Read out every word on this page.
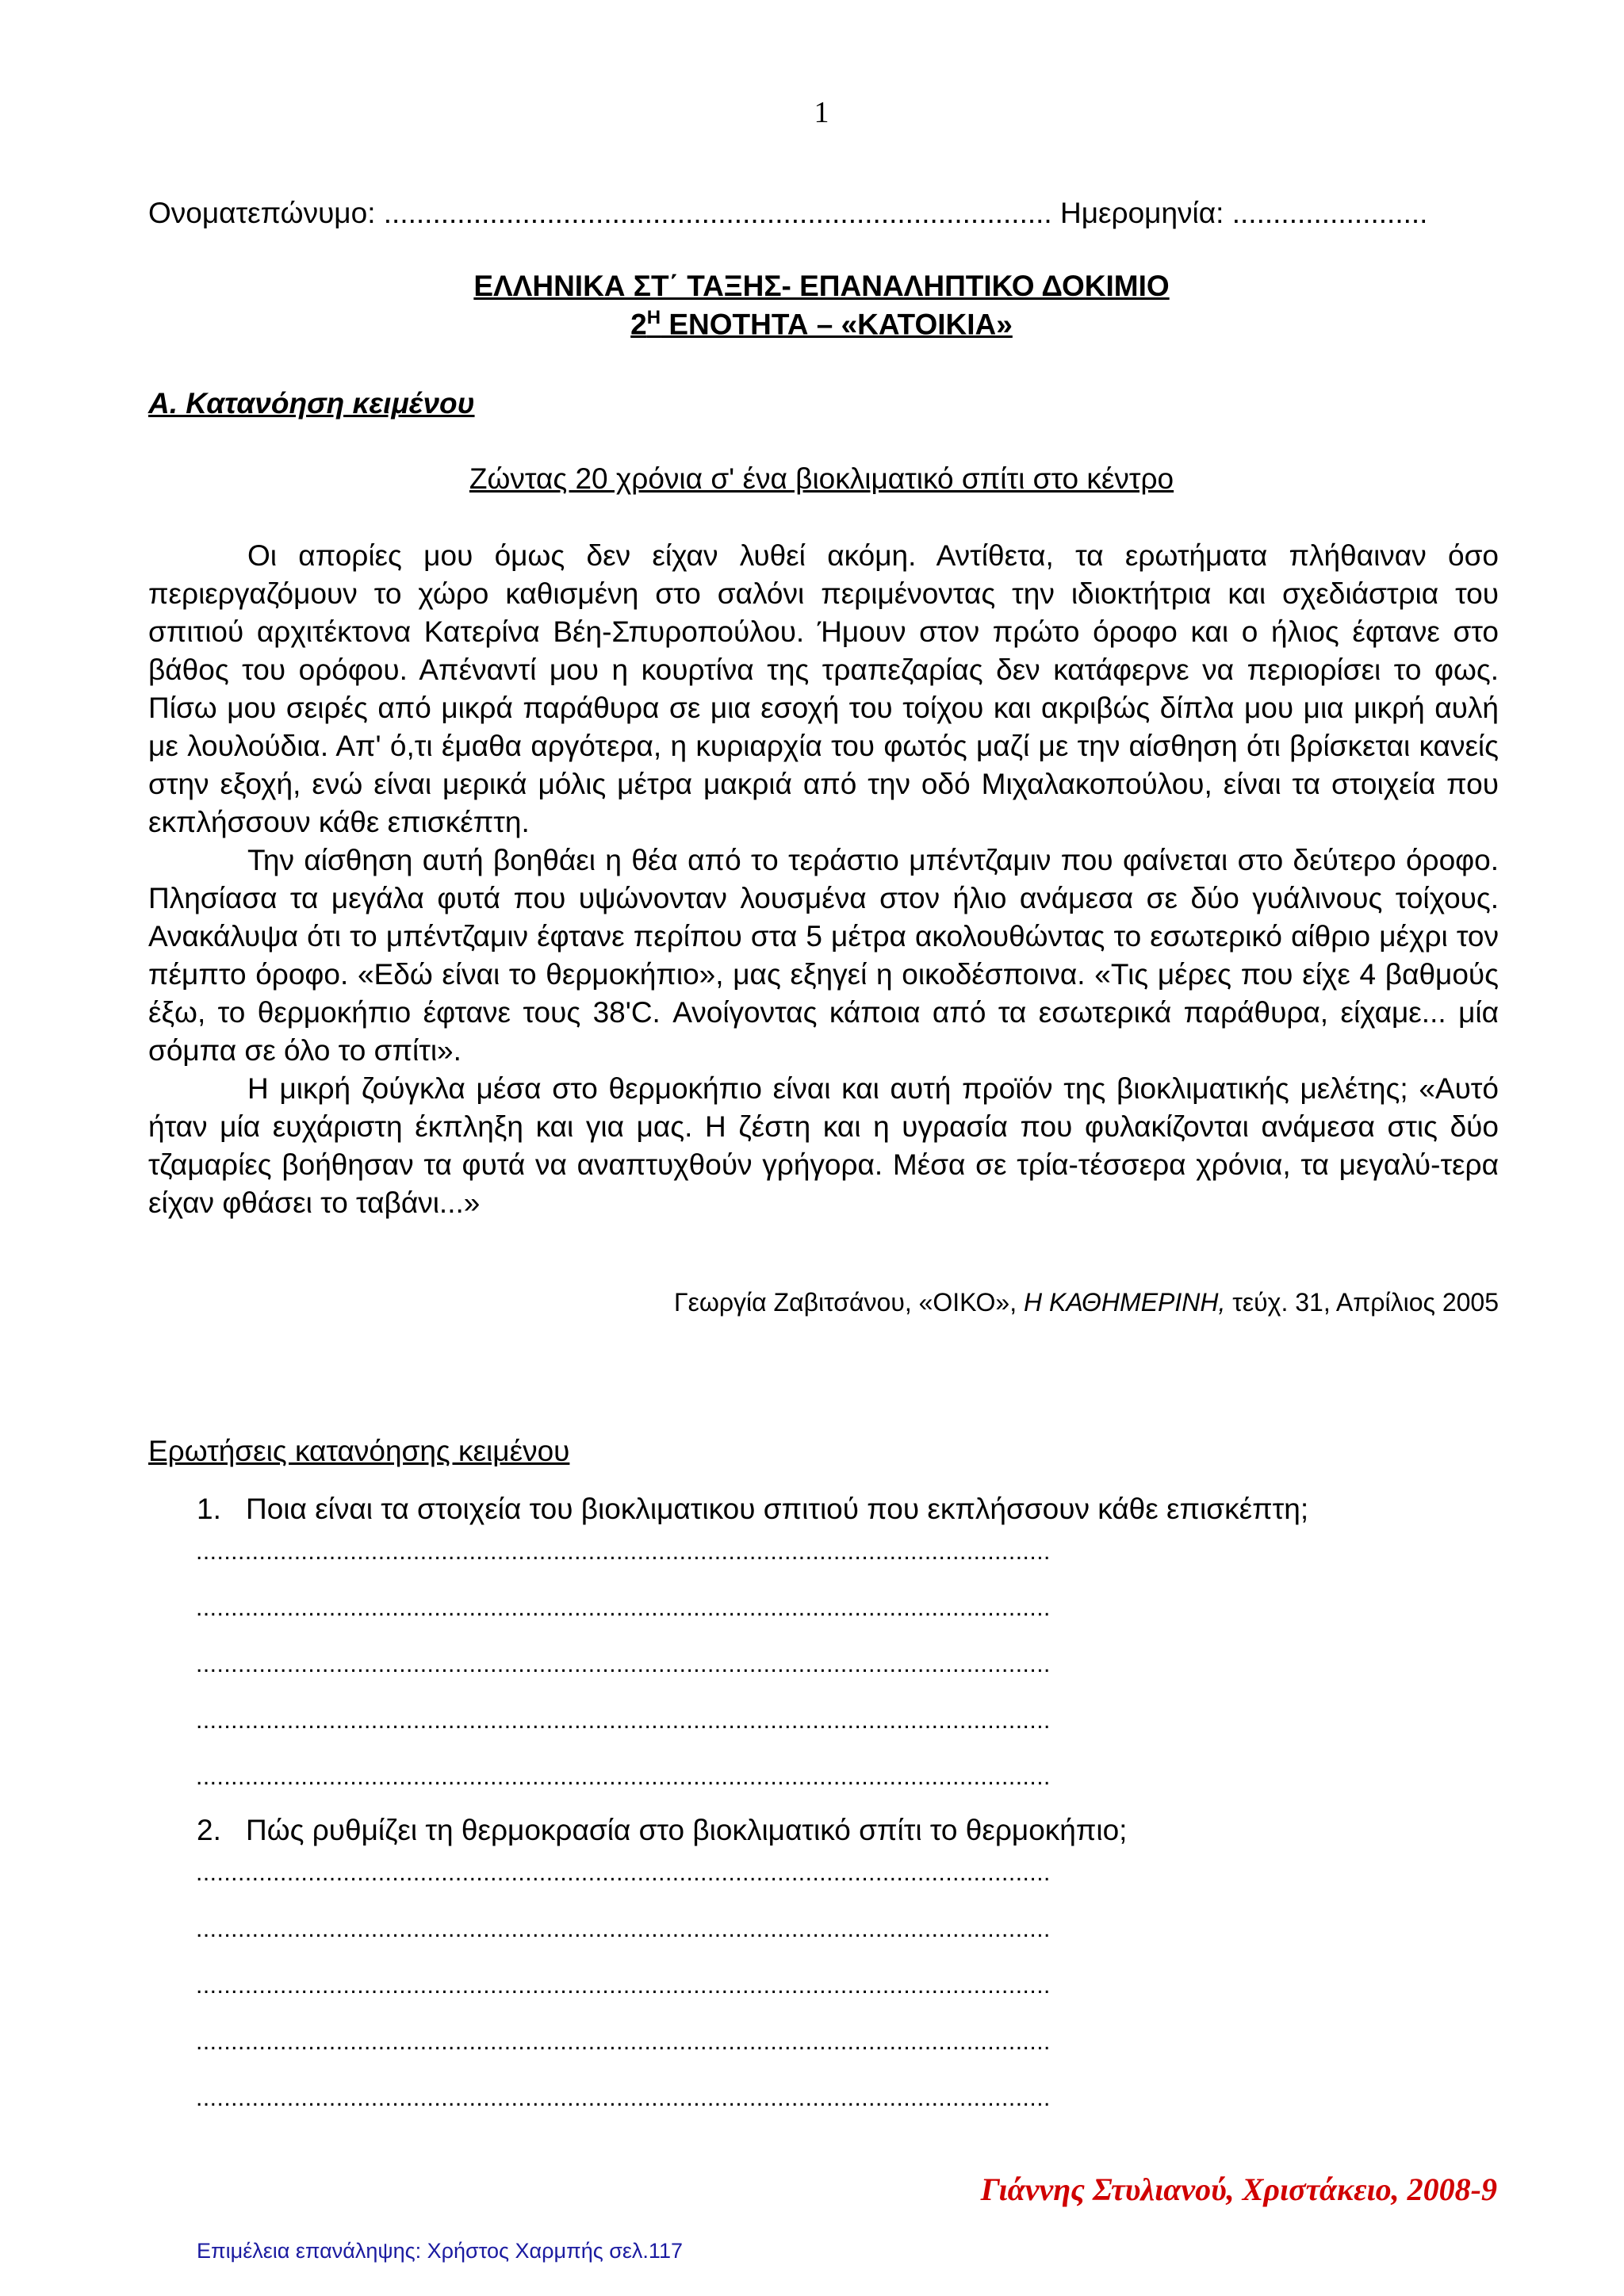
1
Ονοματεπώνυμο: .................................................................................. Ημερομηνία: ........................
ΕΛΛΗΝΙΚΑ ΣΤ΄ ΤΑΞΗΣ- ΕΠΑΝΑΛΗΠΤΙΚΟ ΔΟΚΙΜΙΟ
$2^H$ ΕΝΟΤΗΤΑ – «ΚΑΤΟΙΚΙΑ»
Α. Κατανόηση κειμένου
Ζώντας 20 χρόνια σ' ένα βιοκλιματικό σπίτι στο κέντρο

Οι απορίες μου όμως δεν είχαν λυθεί ακόμη. Αντίθετα, τα ερωτήματα πλήθαιναν όσο περιεργαζόμουν το χώρο καθισμένη στο σαλόνι περιμένοντας την ιδιοκτήτρια και σχεδιάστρια του σπιτιού αρχιτέκτονα Κατερίνα Βέη-Σπυροπούλου. Ήμουν στον πρώτο όροφο και ο ήλιος έφτανε στο βάθος του ορόφου. Απέναντί μου η κουρτίνα της τραπεζαρίας δεν κατάφερνε να περιορίσει το φως. Πίσω μου σειρές από μικρά παράθυρα σε μια εσοχή του τοίχου και ακριβώς δίπλα μου μια μικρή αυλή με λουλούδια. Απ' ό,τι έμαθα αργότερα, η κυριαρχία του φωτός μαζί με την αίσθηση ότι βρίσκεται κανείς στην εξοχή, ενώ είναι μερικά μόλις μέτρα μακριά από την οδό Μιχαλακοπούλου, είναι τα στοιχεία που εκπλήσσουν κάθε επισκέπτη.

Την αίσθηση αυτή βοηθάει η θέα από το τεράστιο μπέντζαμιν που φαίνεται στο δεύτερο όροφο. Πλησίασα τα μεγάλα φυτά που υψώνονταν λουσμένα στον ήλιο ανάμεσα σε δύο γυάλινους τοίχους. Ανακάλυψα ότι το μπέντζαμιν έφτανε περίπου στα 5 μέτρα ακολουθώντας το εσωτερικό αίθριο μέχρι τον πέμπτο όροφο. «Εδώ είναι το θερμοκήπιο», μας εξηγεί η οικοδέσποινα. «Τις μέρες που είχε 4 βαθμούς έξω, το θερμοκήπιο έφτανε τους 38'C. Ανοίγοντας κάποια από τα εσωτερικά παράθυρα, είχαμε... μία σόμπα σε όλο το σπίτι».

Η μικρή ζούγκλα μέσα στο θερμοκήπιο είναι και αυτή προϊόν της βιοκλιματικής μελέτης; «Αυτό ήταν μία ευχάριστη έκπληξη και για μας. Η ζέστη και η υγρασία που φυλακίζονται ανάμεσα στις δύο τζαμαρίες βοήθησαν τα φυτά να αναπτυχθούν γρήγορα. Μέσα σε τρία-τέσσερα χρόνια, τα μεγαλύ-τερα είχαν φθάσει το ταβάνι...»

Γεωργία Ζαβιτσάνου, «ΟΙΚΟ», Η ΚΑΘΗΜΕΡΙΝΗ, τεύχ. 31, Απρίλιος 2005
Ερωτήσεις κατανόησης κειμένου
1. Ποια είναι τα στοιχεία του βιοκλιματικου σπιτιού που εκπλήσσουν κάθε επισκέπτη;
..........................................................................................................................
..........................................................................................................................
..........................................................................................................................
..........................................................................................................................
..........................................................................................................................
2. Πώς ρυθμίζει τη θερμοκρασία στο βιοκλιματικό σπίτι το θερμοκήπιο;
..........................................................................................................................
..........................................................................................................................
..........................................................................................................................
..........................................................................................................................
..........................................................................................................................
Γιάννης Στυλιανού, Χριστάκειο, 2008-9
Επιμέλεια επανάληψης: Χρήστος Χαρμπής σελ.117
